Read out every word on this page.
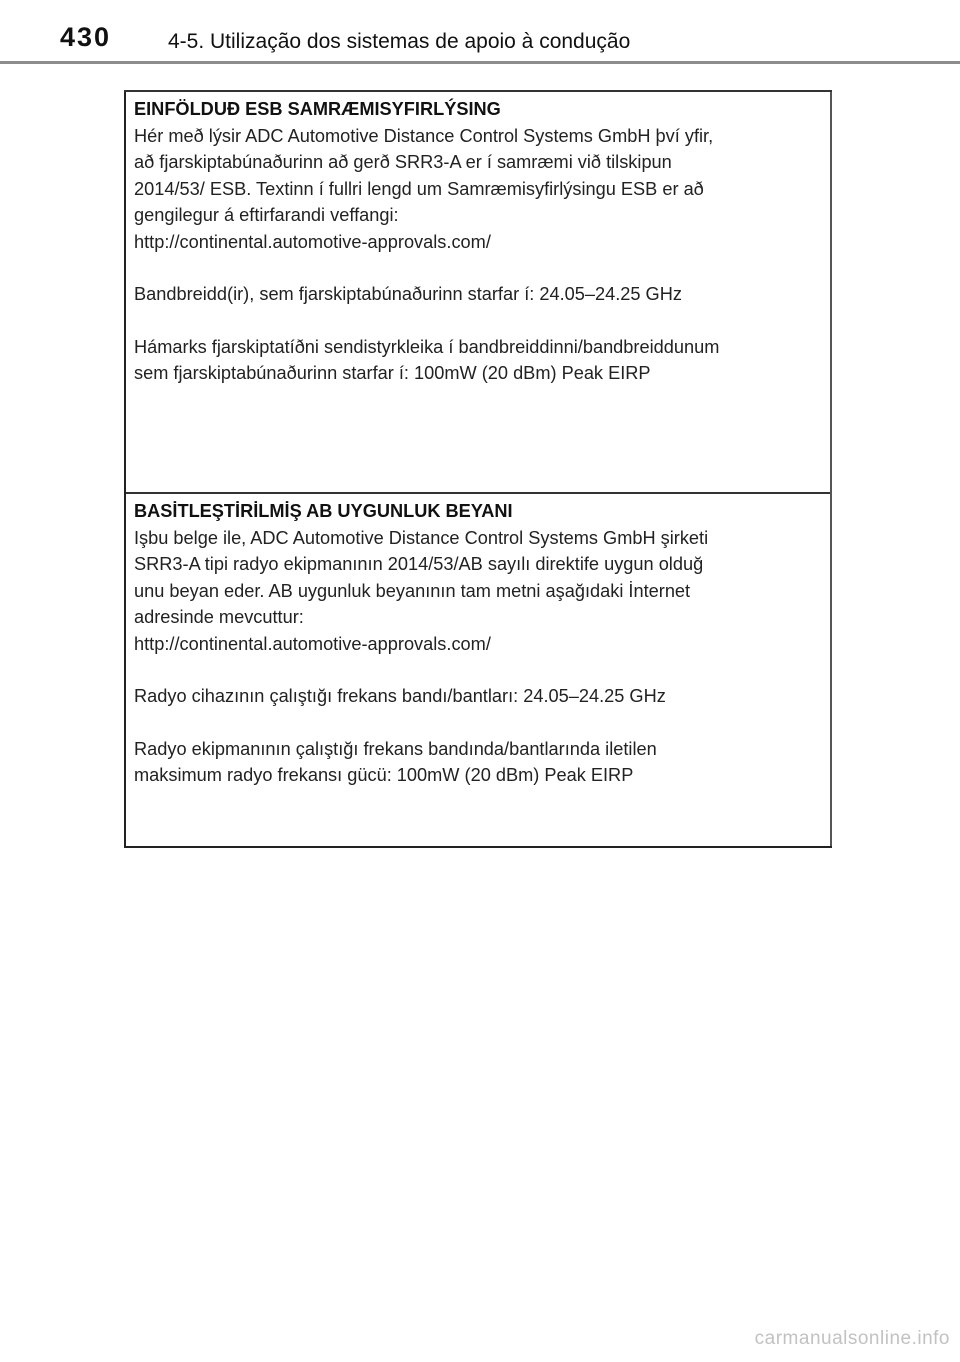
430	4-5. Utilização dos sistemas de apoio à condução
EINFÖLDUÐ ESB SAMRÆMISYFIRLÝSING

Hér með lýsir ADC Automotive Distance Control Systems GmbH því yfir,

að fjarskiptabúnaðurinn að gerð SRR3-A er í samræmi við tilskipun

2014/53/ ESB. Textinn í fullri lengd um Samræmisyfirlýsingu ESB er að

gengilegur á eftirfarandi veffangi:

http://continental.automotive-approvals.com/

Bandbreidd(ir), sem fjarskiptabúnaðurinn starfar í: 24.05–24.25 GHz

Hámarks fjarskiptatíðni sendistyrkleika í bandbreiddinni/bandbreiddunum

sem fjarskiptabúnaðurinn starfar í: 100mW (20 dBm) Peak EIRP

BASİTLEŞTİRİLMİŞ AB UYGUNLUK BEYANI

Işbu belge ile, ADC Automotive Distance Control Systems GmbH şirketi

SRR3-A tipi radyo ekipmanının 2014/53/AB sayılı direktife uygun olduğ

unu beyan eder. AB uygunluk beyanının tam metni aşağıdaki İnternet

adresinde mevcuttur:

http://continental.automotive-approvals.com/

Radyo cihazının çalıştığı frekans bandı/bantları: 24.05–24.25 GHz

Radyo ekipmanının çalıştığı frekans bandında/bantlarında iletilen

maksimum radyo frekansı gücü: 100mW (20 dBm) Peak EIRP

carmanualsonline.info
